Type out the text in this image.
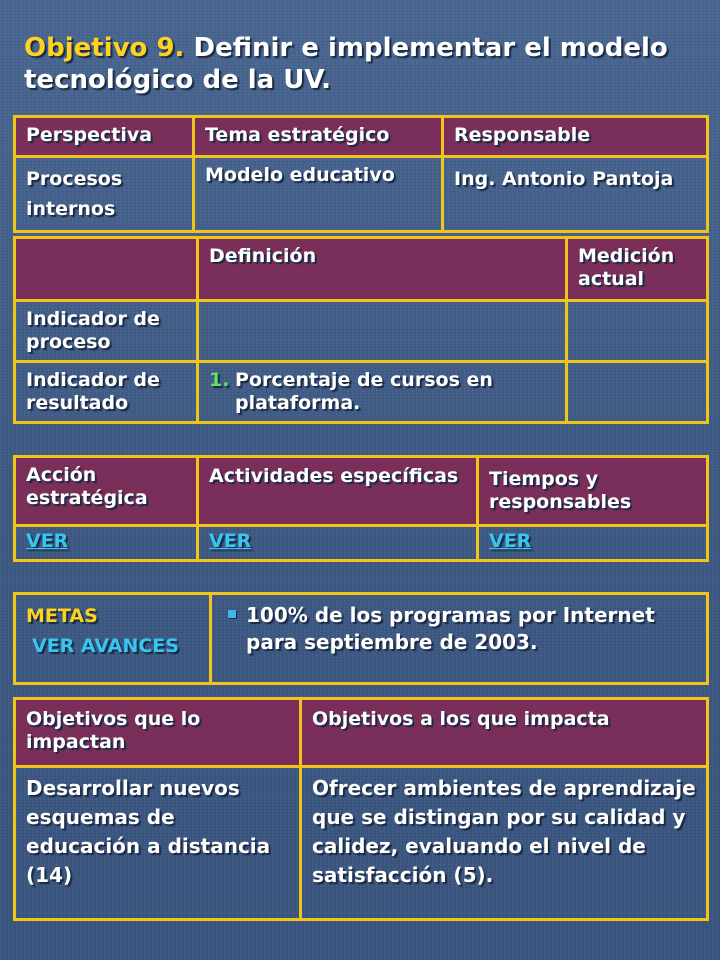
Objetivo 9. Definir e implementar el modelo tecnológico de la UV.
Perspectiva	Tema estratégico	Responsable
Procesos internos	Modelo educativo	Ing. Antonio Pantoja
	Definición	Medición actual
Indicador de proceso		
Indicador de resultado	1. Porcentaje de cursos en plataforma.	

Acción estratégica	Actividades específicas	Tiempos y responsables
VER	VER	VER
METAS
VER AVANCES

100% de los programas por Internet para septiembre de 2003.
Objetivos que lo impactan	Objetivos a los que impacta
Desarrollar nuevos esquemas de educación a distancia (14)	Ofrecer ambientes de aprendizaje que se distingan por su calidad y calidez, evaluando el nivel de satisfacción (5).
